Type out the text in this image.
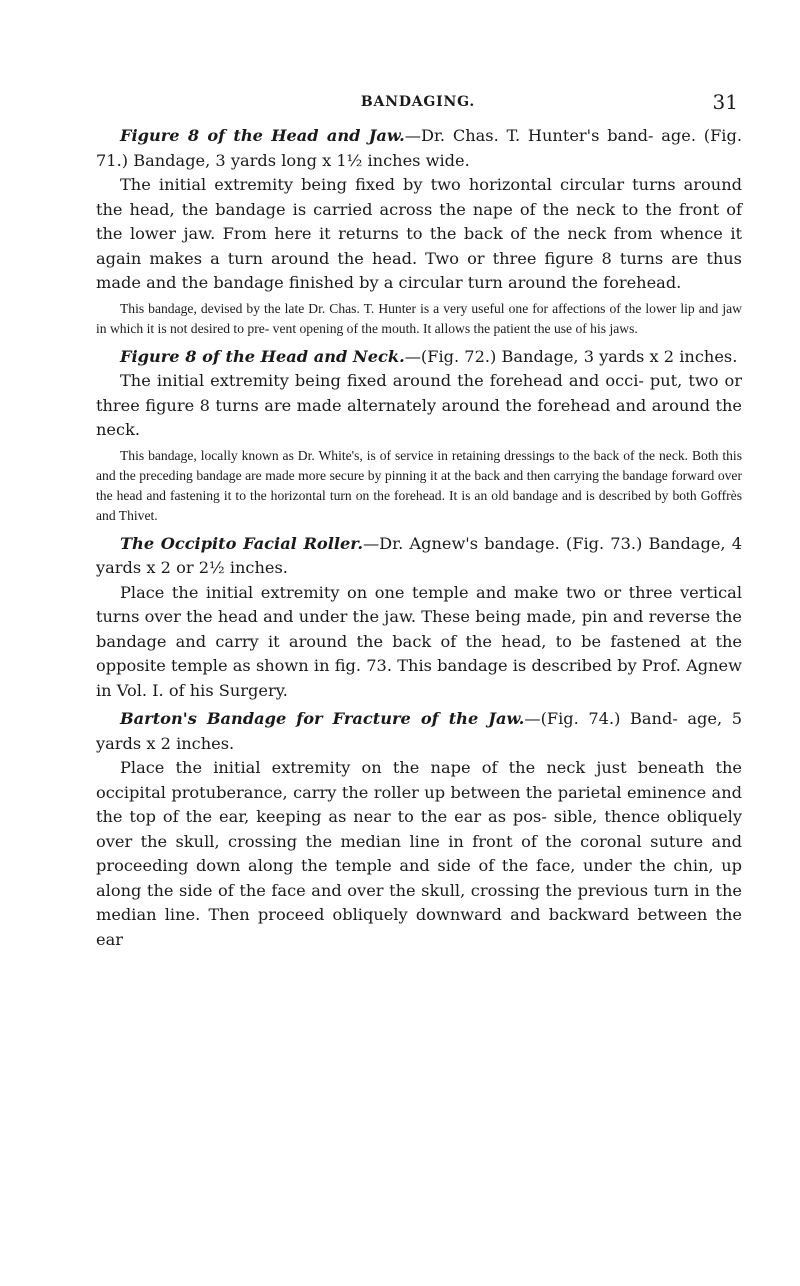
BANDAGING.	31

Figure 8 of the Head and Jaw.—Dr. Chas. T. Hunter's band- age. (Fig. 71.) Bandage, 3 yards long x 1½ inches wide.

The initial extremity being fixed by two horizontal circular turns around the head, the bandage is carried across the nape of the neck to the front of the lower jaw. From here it returns to the back of the neck from whence it again makes a turn around the head. Two or three figure 8 turns are thus made and the bandage finished by a circular turn around the forehead.

This bandage, devised by the late Dr. Chas. T. Hunter is a very useful one for affections of the lower lip and jaw in which it is not desired to pre- vent opening of the mouth. It allows the patient the use of his jaws.

Figure 8 of the Head and Neck.—(Fig. 72.) Bandage, 3 yards x 2 inches.

The initial extremity being fixed around the forehead and occi- put, two or three figure 8 turns are made alternately around the forehead and around the neck.

This bandage, locally known as Dr. White's, is of service in retaining dressings to the back of the neck. Both this and the preceding bandage are made more secure by pinning it at the back and then carrying the bandage forward over the head and fastening it to the horizontal turn on the forehead. It is an old bandage and is described by both Goffrès and Thivet.

The Occipito Facial Roller.—Dr. Agnew's bandage. (Fig. 73.) Bandage, 4 yards x 2 or 2½ inches.

Place the initial extremity on one temple and make two or three vertical turns over the head and under the jaw. These being made, pin and reverse the bandage and carry it around the back of the head, to be fastened at the opposite temple as shown in fig. 73. This bandage is described by Prof. Agnew in Vol. I. of his Surgery.

Barton's Bandage for Fracture of the Jaw.—(Fig. 74.) Band- age, 5 yards x 2 inches.

Place the initial extremity on the nape of the neck just beneath the occipital protuberance, carry the roller up between the parietal eminence and the top of the ear, keeping as near to the ear as pos- sible, thence obliquely over the skull, crossing the median line in front of the coronal suture and proceeding down along the temple and side of the face, under the chin, up along the side of the face and over the skull, crossing the previous turn in the median line. Then proceed obliquely downward and backward between the ear
